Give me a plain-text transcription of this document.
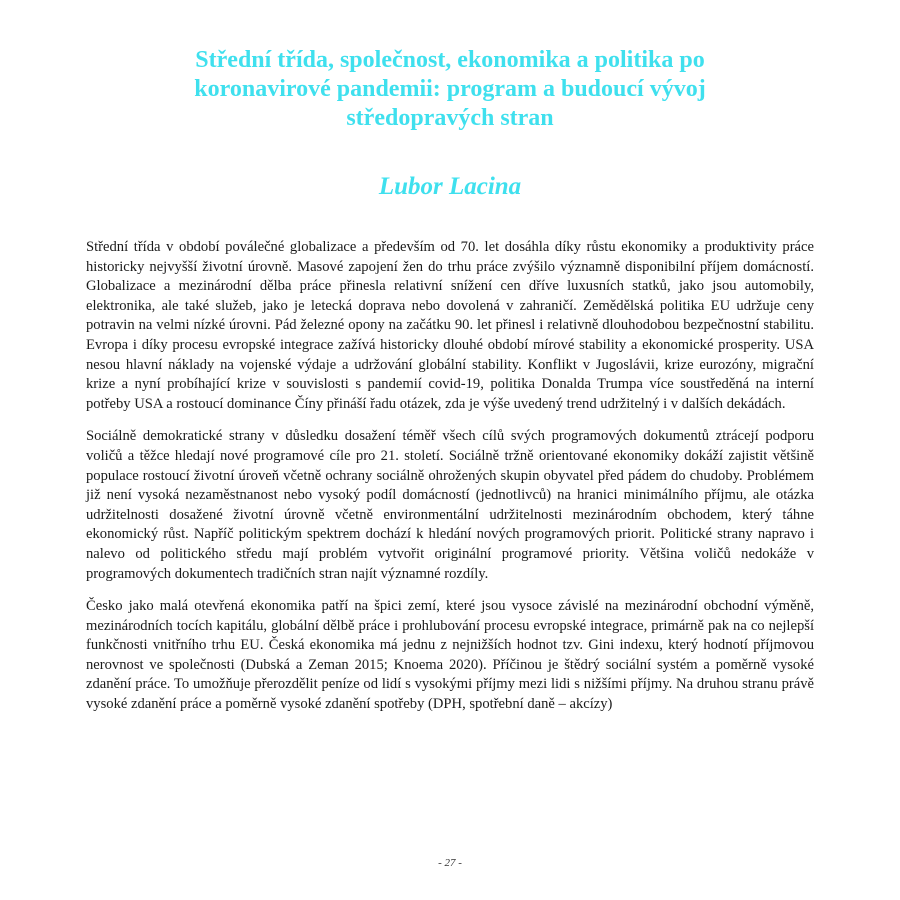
Střední třída, společnost, ekonomika a politika po koronavirové pandemii: program a budoucí vývoj středopravých stran
Lubor Lacina

Střední třída v období poválečné globalizace a především od 70. let dosáhla díky růstu ekonomiky a produktivity práce historicky nejvyšší životní úrovně. Masové zapojení žen do trhu práce zvýšilo významně disponibilní příjem domácností. Globalizace a mezinárodní dělba práce přinesla relativní snížení cen dříve luxusních statků, jako jsou automobily, elektronika, ale také služeb, jako je letecká doprava nebo dovolená v zahraničí. Zemědělská politika EU udržuje ceny potravin na velmi nízké úrovni. Pád železné opony na začátku 90. let přinesl i relativně dlouhodobou bezpečnostní stabilitu. Evropa i díky procesu evropské integrace zažívá historicky dlouhé období mírové stability a ekonomické prosperity. USA nesou hlavní náklady na vojenské výdaje a udržování globální stability. Konflikt v Jugoslávii, krize eurozóny, migrační krize a nyní probíhající krize v souvislosti s pandemií covid-19, politika Donalda Trumpa více soustředěná na interní potřeby USA a rostoucí dominance Číny přináší řadu otázek, zda je výše uvedený trend udržitelný i v dalších dekádách.

Sociálně demokratické strany v důsledku dosažení téměř všech cílů svých programových dokumentů ztrácejí podporu voličů a těžce hledají nové programové cíle pro 21. století. Sociálně tržně orientované ekonomiky dokáží zajistit většině populace rostoucí životní úroveň včetně ochrany sociálně ohrožených skupin obyvatel před pádem do chudoby. Problémem již není vysoká nezaměstnanost nebo vysoký podíl domácností (jednotlivců) na hranici minimálního příjmu, ale otázka udržitelnosti dosažené životní úrovně včetně environmentální udržitelnosti mezinárodním obchodem, který táhne ekonomický růst. Napříč politickým spektrem dochází k hledání nových programových priorit. Politické strany napravo i nalevo od politického středu mají problém vytvořit originální programové priority. Většina voličů nedokáže v programových dokumentech tradičních stran najít významné rozdíly.

Česko jako malá otevřená ekonomika patří na špici zemí, které jsou vysoce závislé na mezinárodní obchodní výměně, mezinárodních tocích kapitálu, globální dělbě práce i prohlubování procesu evropské integrace, primárně pak na co nejlepší funkčnosti vnitřního trhu EU. Česká ekonomika má jednu z nejnižších hodnot tzv. Gini indexu, který hodnotí příjmovou nerovnost ve společnosti (Dubská a Zeman 2015; Knoema 2020). Příčinou je štědrý sociální systém a poměrně vysoké zdanění práce. To umožňuje přerozdělit peníze od lidí s vysokými příjmy mezi lidi s nižšími příjmy. Na druhou stranu právě vysoké zdanění práce a poměrně vysoké zdanění spotřeby (DPH, spotřební daně – akcízy)

- 27 -
